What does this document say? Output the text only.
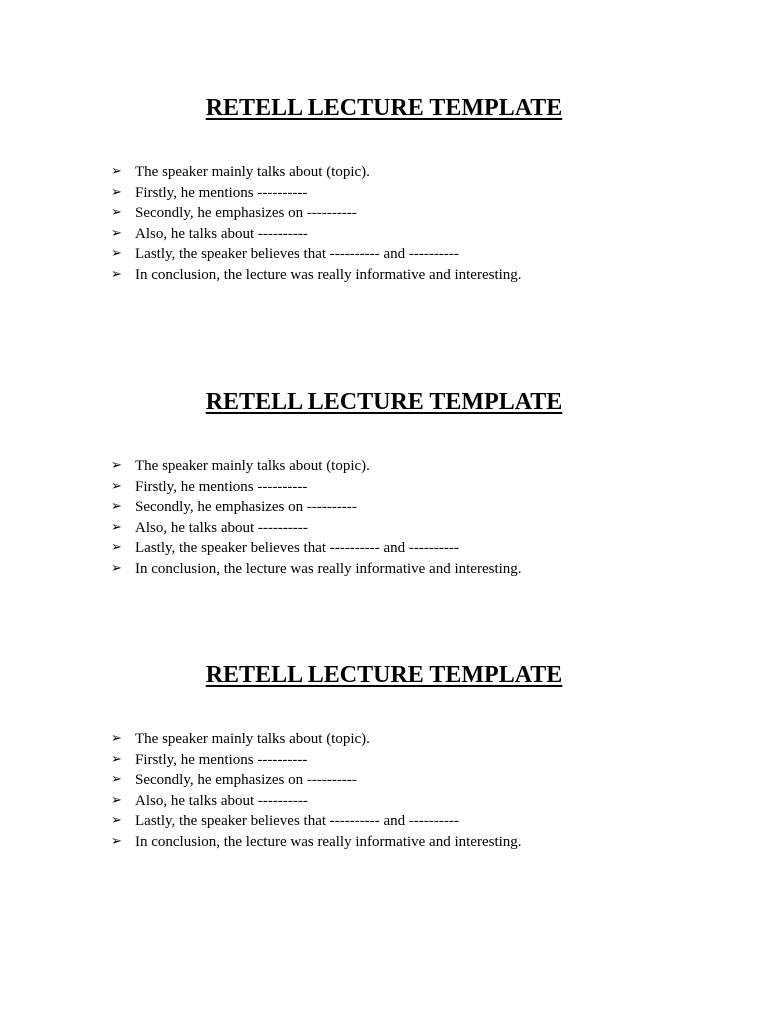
RETELL LECTURE TEMPLATE
➢ The speaker mainly talks about (topic).
➢ Firstly, he mentions ----------
➢ Secondly, he emphasizes on ----------
➢ Also, he talks about ----------
➢ Lastly, the speaker believes that ---------- and ----------
➢ In conclusion, the lecture was really informative and interesting.
RETELL LECTURE TEMPLATE
➢ The speaker mainly talks about (topic).
➢ Firstly, he mentions ----------
➢ Secondly, he emphasizes on ----------
➢ Also, he talks about ----------
➢ Lastly, the speaker believes that ---------- and ----------
➢ In conclusion, the lecture was really informative and interesting.
RETELL LECTURE TEMPLATE
➢ The speaker mainly talks about (topic).
➢ Firstly, he mentions ----------
➢ Secondly, he emphasizes on ----------
➢ Also, he talks about ----------
➢ Lastly, the speaker believes that ---------- and ----------
➢ In conclusion, the lecture was really informative and interesting.
